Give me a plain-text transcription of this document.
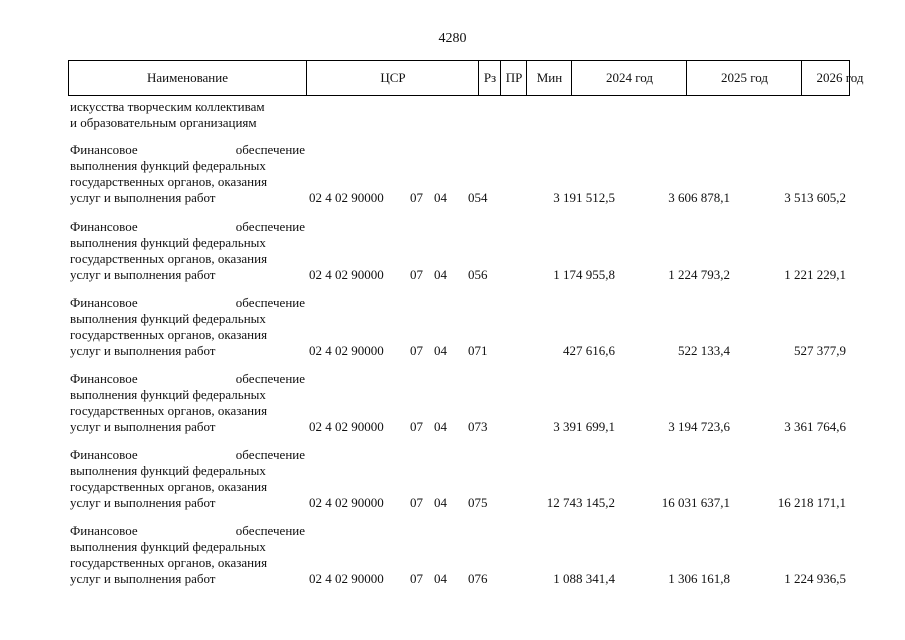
4280
Наименование	ЦСР	Рз ПР	Мин	2024 год	2025 год	2026 год
искусства творческим коллективам
и образовательным организациям
Финансовое	обеспечение
выполнения функций федеральных
государственных органов, оказания
услуг и выполнения работ	02 4 02 90000 07 04 054	3 191 512,5	3 606 878,1	3 513 605,2
Финансовое	обеспечение
выполнения функций федеральных
государственных органов, оказания
услуг и выполнения работ	02 4 02 90000 07 04 056	1 174 955,8	1 224 793,2	1 221 229,1
Финансовое	обеспечение
выполнения функций федеральных
государственных органов, оказания
услуг и выполнения работ	02 4 02 90000 07 04 071	427 616,6	522 133,4	527 377,9
Финансовое	обеспечение
выполнения функций федеральных
государственных органов, оказания
услуг и выполнения работ	02 4 02 90000 07 04 073	3 391 699,1	3 194 723,6	3 361 764,6
Финансовое	обеспечение
выполнения функций федеральных
государственных органов, оказания
услуг и выполнения работ	02 4 02 90000 07 04 075	12 743 145,2	16 031 637,1	16 218 171,1
Финансовое	обеспечение
выполнения функций федеральных
государственных органов, оказания
услуг и выполнения работ	02 4 02 90000 07 04 076	1 088 341,4	1 306 161,8	1 224 936,5
